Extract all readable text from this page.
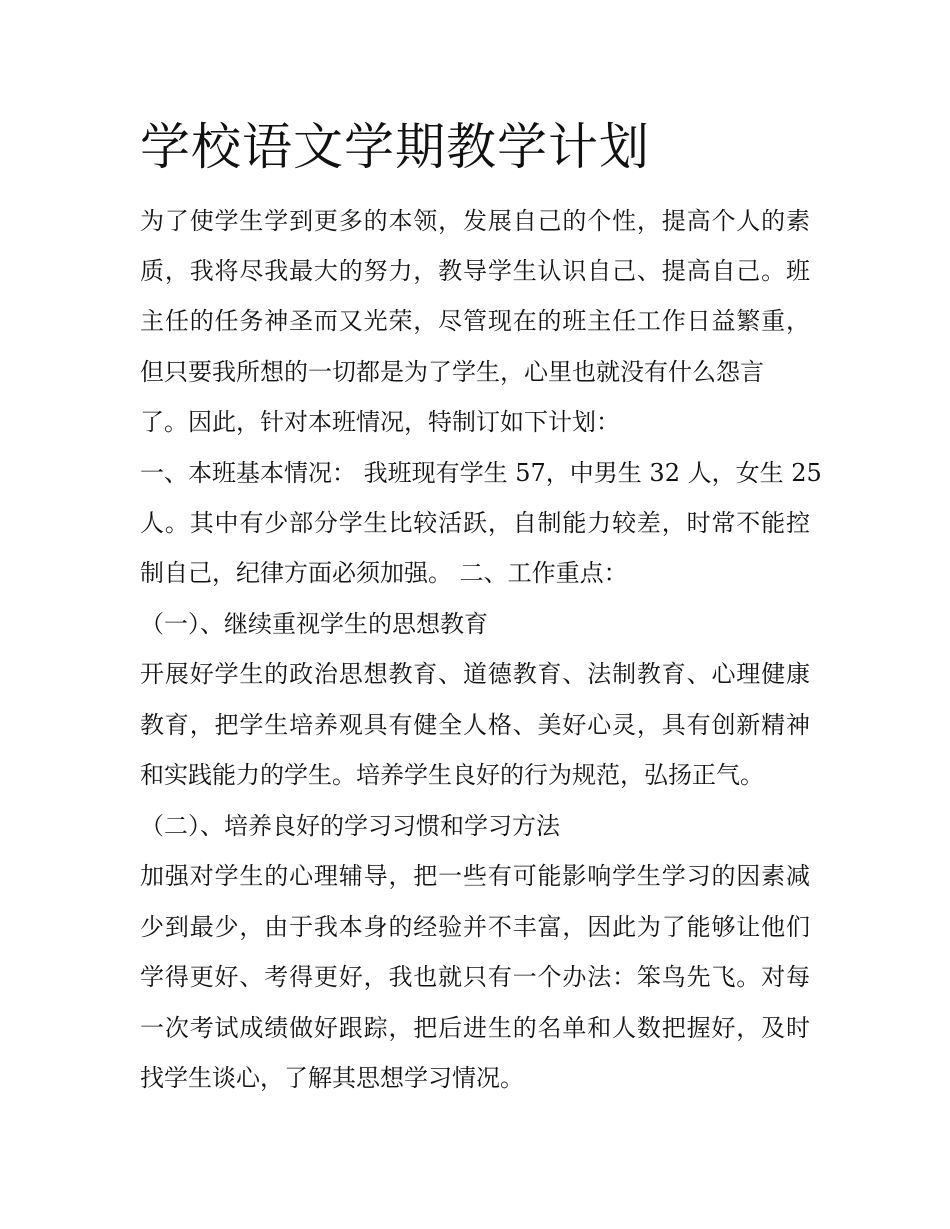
学校语文学期教学计划

为了使学生学到更多的本领，发展自己的个性，提高个人的素

质，我将尽我最大的努力，教导学生认识自己、提高自己。班

主任的任务神圣而又光荣，尽管现在的班主任工作日益繁重，

但只要我所想的一切都是为了学生，心里也就没有什么怨言

了。因此，针对本班情况，特制订如下计划：

一、本班基本情况： 我班现有学生 57，中男生 32 人，女生 25

人。其中有少部分学生比较活跃，自制能力较差，时常不能控

制自己，纪律方面必须加强。 二、工作重点：

（一）、继续重视学生的思想教育

开展好学生的政治思想教育、道德教育、法制教育、心理健康

教育，把学生培养观具有健全人格、美好心灵，具有创新精神

和实践能力的学生。培养学生良好的行为规范，弘扬正气。

（二）、培养良好的学习习惯和学习方法

加强对学生的心理辅导，把一些有可能影响学生学习的因素减

少到最少，由于我本身的经验并不丰富，因此为了能够让他们

学得更好、考得更好，我也就只有一个办法：笨鸟先飞。对每

一次考试成绩做好跟踪，把后进生的名单和人数把握好，及时

找学生谈心，了解其思想学习情况。
